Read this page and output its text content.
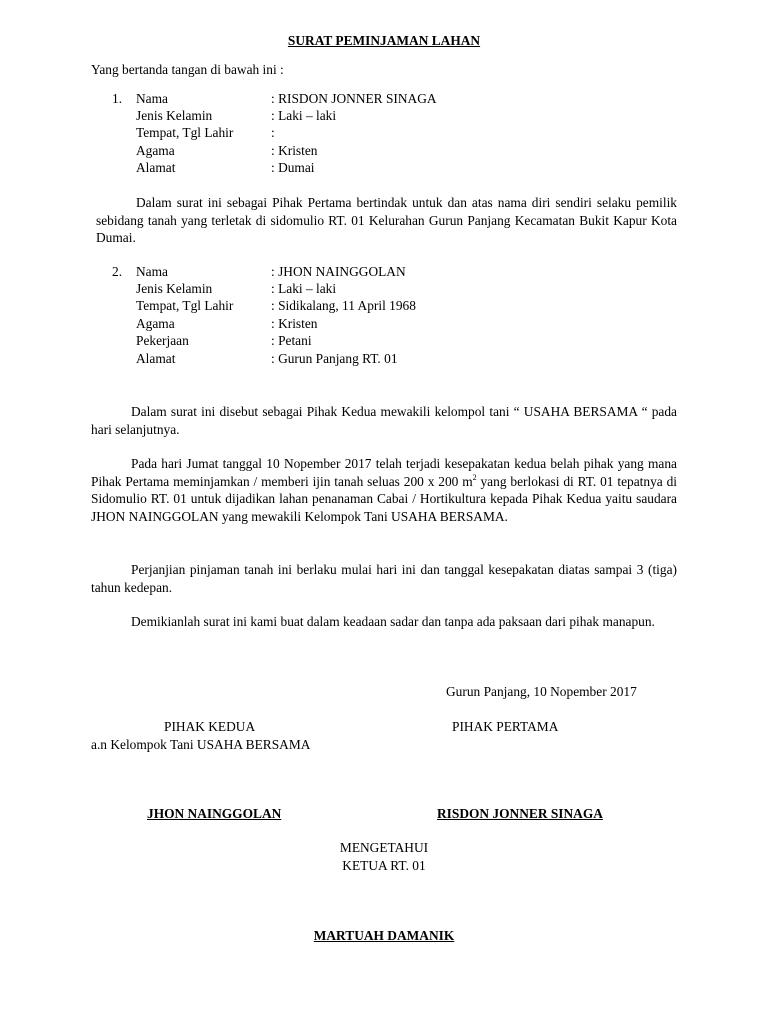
SURAT PEMINJAMAN LAHAN
Yang bertanda tangan di bawah ini :
1. Nama	: RISDON JONNER SINAGA
Jenis Kelamin	: Laki – laki
Tempat, Tgl Lahir	:
Agama	: Kristen
Alamat	: Dumai

Dalam surat ini sebagai Pihak Pertama bertindak untuk dan atas nama diri sendiri selaku pemilik sebidang tanah yang terletak di sidomulio RT. 01 Kelurahan Gurun Panjang Kecamatan Bukit Kapur Kota Dumai.

2. Nama	: JHON NAINGGOLAN
Jenis Kelamin	: Laki – laki
Tempat, Tgl Lahir	: Sidikalang, 11 April 1968
Agama	: Kristen
Pekerjaan	: Petani
Alamat	: Gurun Panjang RT. 01

Dalam surat ini disebut sebagai Pihak Kedua mewakili kelompol tani “ USAHA BERSAMA “ pada hari selanjutnya.

Pada hari Jumat tanggal 10 Nopember 2017 telah terjadi kesepakatan kedua belah pihak yang mana Pihak Pertama meminjamkan / memberi ijin tanah seluas 200 x 200 $m^2$ yang berlokasi di RT. 01 tepatnya di Sidomulio RT. 01 untuk dijadikan lahan penanaman Cabai / Hortikultura kepada Pihak Kedua yaitu saudara JHON NAINGGOLAN yang mewakili Kelompok Tani USAHA BERSAMA.

Perjanjian pinjaman tanah ini berlaku mulai hari ini dan tanggal kesepakatan diatas sampai 3 (tiga) tahun kedepan.

Demikianlah surat ini kami buat dalam keadaan sadar dan tanpa ada paksaan dari pihak manapun.

Gurun Panjang, 10 Nopember 2017
PIHAK KEDUA	PIHAK PERTAMA
a.n Kelompok Tani USAHA BERSAMA
JHON NAINGGOLAN	RISDON JONNER SINAGA
MENGETAHUI
KETUA RT. 01
MARTUAH DAMANIK
